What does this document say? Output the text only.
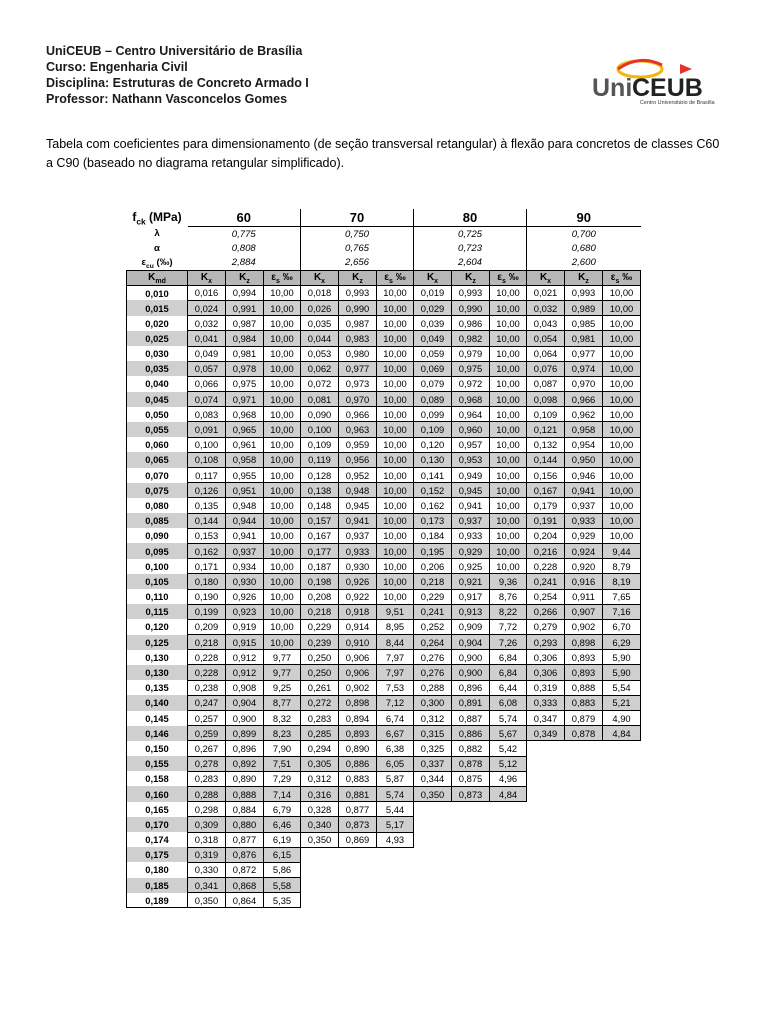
UniCEUB – Centro Universitário de Brasília
Curso: Engenharia Civil
Disciplina: Estruturas de Concreto Armado I
Professor: Nathann Vasconcelos Gomes	Uni CEUB
Centro Universitário de Brasília
Tabela com coeficientes para dimensionamento (de seção transversal retangular) à flexão para concretos de classes C60 a C90 (baseado no diagrama retangular simplificado).
$f_{ck}$ (MPa)	60			70			80			90		
λ	0,775			0,750			0,725			0,700		
α	0,808			0,765			0,723			0,680		
$\varepsilon_{cu}$ (‰)	2,884			2,656			2,604			2,600		
$K_{md}$	$K_x$	$K_z$	$\varepsilon_s$ ‰	$K_x$	$K_z$	$\varepsilon_s$ ‰	$K_x$	$K_z$	$\varepsilon_s$ ‰	$K_x$	$K_z$	$\varepsilon_s$ ‰
0,010	0,016	0,994	10,00	0,018	0,993	10,00	0,019	0,993	10,00	0,021	0,993	10,00
0,015	0,024	0,991	10,00	0,026	0,990	10,00	0,029	0,990	10,00	0,032	0,989	10,00
0,020	0,032	0,987	10,00	0,035	0,987	10,00	0,039	0,986	10,00	0,043	0,985	10,00
0,025	0,041	0,984	10,00	0,044	0,983	10,00	0,049	0,982	10,00	0,054	0,981	10,00
0,030	0,049	0,981	10,00	0,053	0,980	10,00	0,059	0,979	10,00	0,064	0,977	10,00
0,035	0,057	0,978	10,00	0,062	0,977	10,00	0,069	0,975	10,00	0,076	0,974	10,00
0,040	0,066	0,975	10,00	0,072	0,973	10,00	0,079	0,972	10,00	0,087	0,970	10,00
0,045	0,074	0,971	10,00	0,081	0,970	10,00	0,089	0,968	10,00	0,098	0,966	10,00
0,050	0,083	0,968	10,00	0,090	0,966	10,00	0,099	0,964	10,00	0,109	0,962	10,00
0,055	0,091	0,965	10,00	0,100	0,963	10,00	0,109	0,960	10,00	0,121	0,958	10,00
0,060	0,100	0,961	10,00	0,109	0,959	10,00	0,120	0,957	10,00	0,132	0,954	10,00
0,065	0,108	0,958	10,00	0,119	0,956	10,00	0,130	0,953	10,00	0,144	0,950	10,00
0,070	0,117	0,955	10,00	0,128	0,952	10,00	0,141	0,949	10,00	0,156	0,946	10,00
0,075	0,126	0,951	10,00	0,138	0,948	10,00	0,152	0,945	10,00	0,167	0,941	10,00
0,080	0,135	0,948	10,00	0,148	0,945	10,00	0,162	0,941	10,00	0,179	0,937	10,00
0,085	0,144	0,944	10,00	0,157	0,941	10,00	0,173	0,937	10,00	0,191	0,933	10,00
0,090	0,153	0,941	10,00	0,167	0,937	10,00	0,184	0,933	10,00	0,204	0,929	10,00
0,095	0,162	0,937	10,00	0,177	0,933	10,00	0,195	0,929	10,00	0,216	0,924	9,44
0,100	0,171	0,934	10,00	0,187	0,930	10,00	0,206	0,925	10,00	0,228	0,920	8,79
0,105	0,180	0,930	10,00	0,198	0,926	10,00	0,218	0,921	9,36	0,241	0,916	8,19
0,110	0,190	0,926	10,00	0,208	0,922	10,00	0,229	0,917	8,76	0,254	0,911	7,65
0,115	0,199	0,923	10,00	0,218	0,918	9,51	0,241	0,913	8,22	0,266	0,907	7,16
0,120	0,209	0,919	10,00	0,229	0,914	8,95	0,252	0,909	7,72	0,279	0,902	6,70
0,125	0,218	0,915	10,00	0,239	0,910	8,44	0,264	0,904	7,26	0,293	0,898	6,29
0,130	0,228	0,912	9,77	0,250	0,906	7,97	0,276	0,900	6,84	0,306	0,893	5,90
0,130	0,228	0,912	9,77	0,250	0,906	7,97	0,276	0,900	6,84	0,306	0,893	5,90
0,135	0,238	0,908	9,25	0,261	0,902	7,53	0,288	0,896	6,44	0,319	0,888	5,54
0,140	0,247	0,904	8,77	0,272	0,898	7,12	0,300	0,891	6,08	0,333	0,883	5,21
0,145	0,257	0,900	8,32	0,283	0,894	6,74	0,312	0,887	5,74	0,347	0,879	4,90
0,146	0,259	0,899	8,23	0,285	0,893	6,67	0,315	0,886	5,67	0,349	0,878	4,84
0,150	0,267	0,896	7,90	0,294	0,890	6,38	0,325	0,882	5,42			
0,155	0,278	0,892	7,51	0,305	0,886	6,05	0,337	0,878	5,12			
0,158	0,283	0,890	7,29	0,312	0,883	5,87	0,344	0,875	4,96			
0,160	0,288	0,888	7,14	0,316	0,881	5,74	0,350	0,873	4,84			
0,165	0,298	0,884	6,79	0,328	0,877	5,44						
0,170	0,309	0,880	6,46	0,340	0,873	5,17						
0,174	0,318	0,877	6,19	0,350	0,869	4,93						
0,175	0,319	0,876	6,15									
0,180	0,330	0,872	5,86									
0,185	0,341	0,868	5,58									
0,189	0,350	0,864	5,35									
